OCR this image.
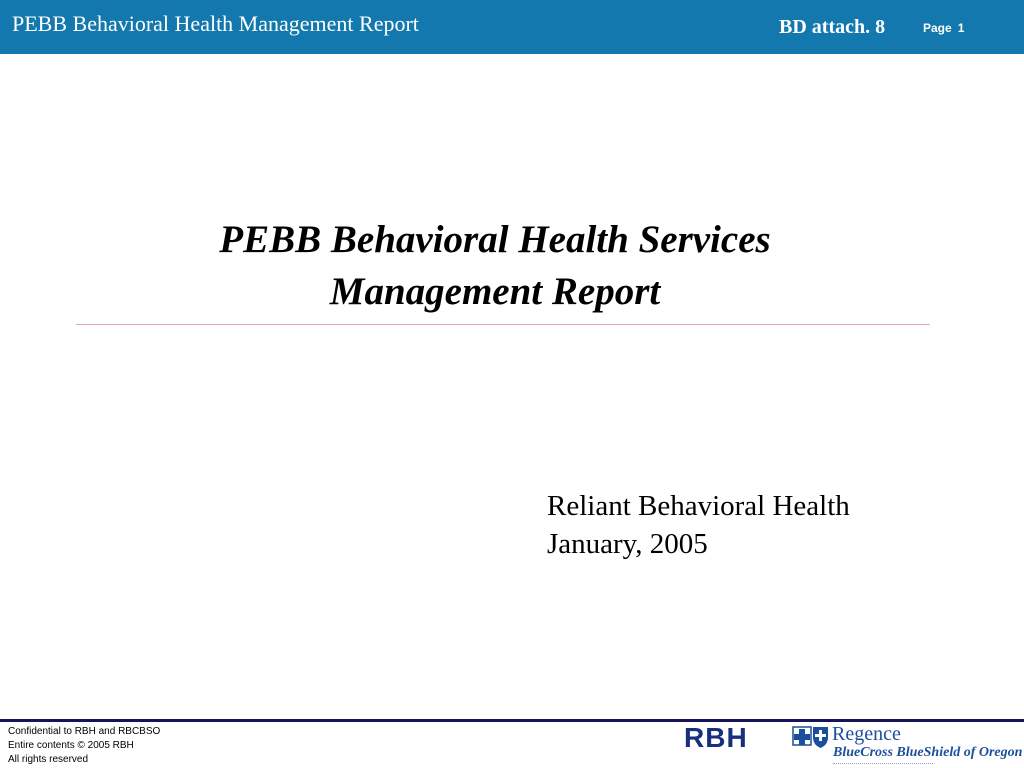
PEBB Behavioral Health Management Report	BD attach. 8	Page 1
PEBB Behavioral Health Services
Management Report
Reliant Behavioral Health
January, 2005
Confidential to RBH and RBCBSO
Entire contents © 2005 RBH
All rights reserved
RBH	Regence
BlueCross BlueShield of Oregon
